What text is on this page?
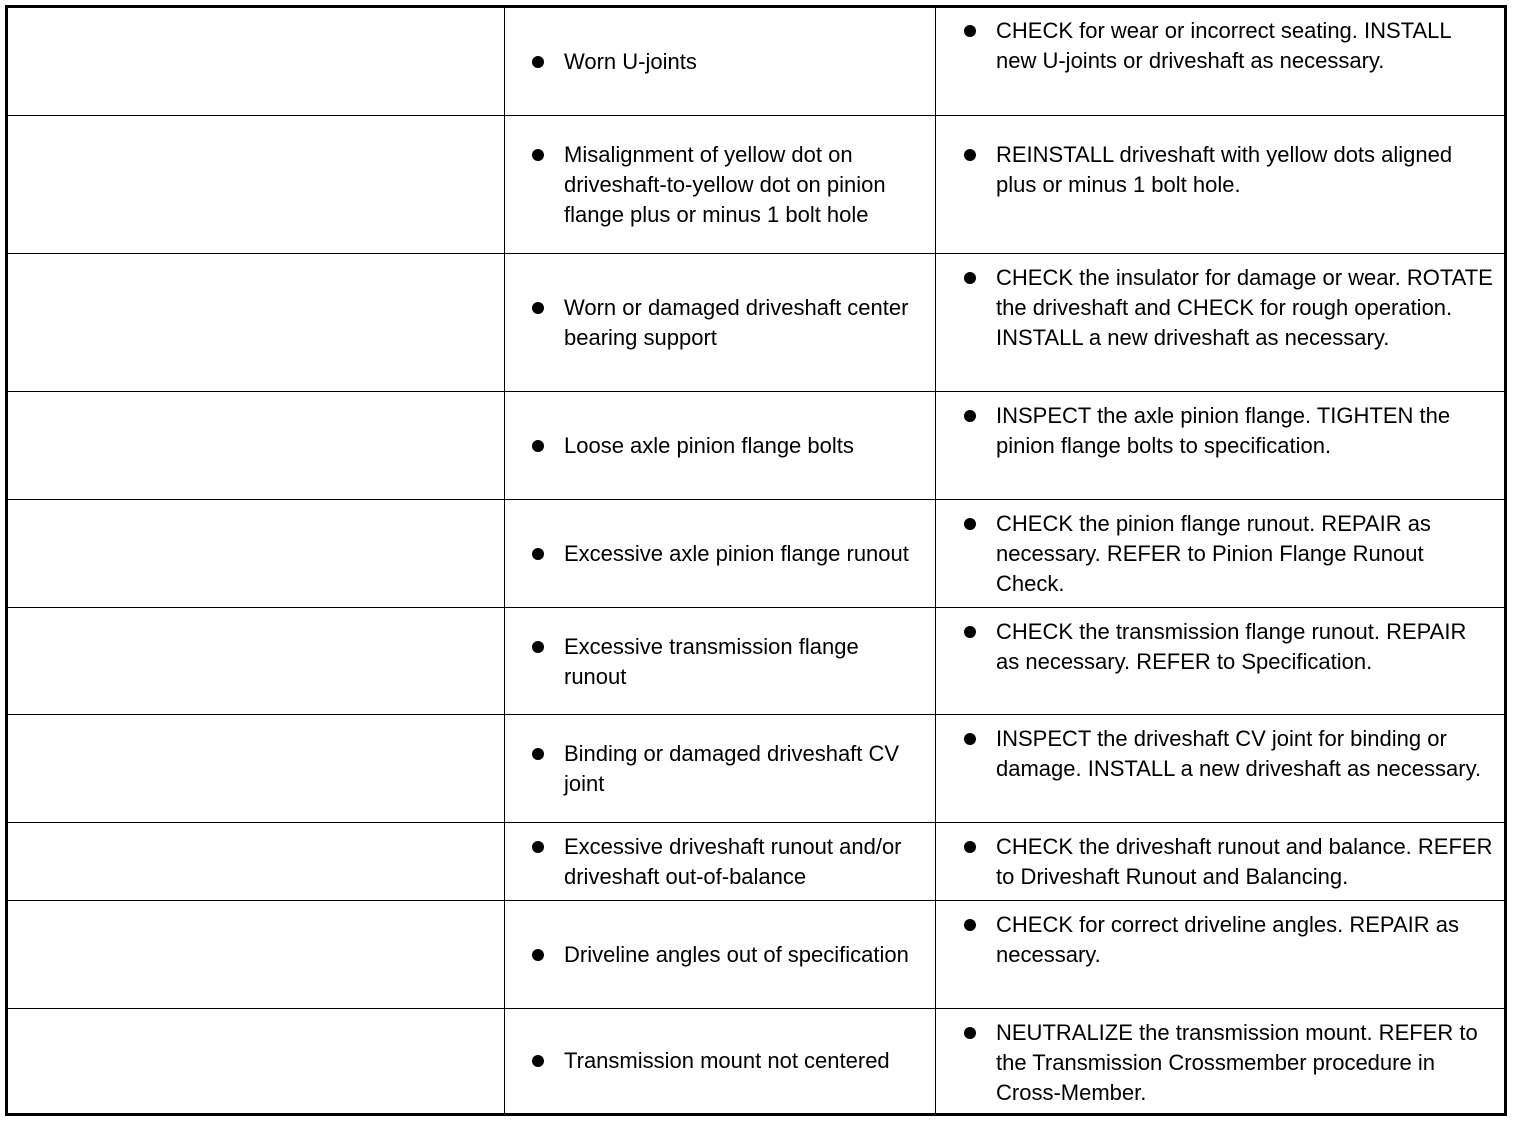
Worn U-joints
CHECK for wear or incorrect seating. INSTALL new U-joints or driveshaft as necessary.
Misalignment of yellow dot on driveshaft-to-yellow dot on pinion flange plus or minus 1 bolt hole
REINSTALL driveshaft with yellow dots aligned plus or minus 1 bolt hole.
Worn or damaged driveshaft center bearing support
CHECK the insulator for damage or wear. ROTATE the driveshaft and CHECK for rough operation. INSTALL a new driveshaft as necessary.
Loose axle pinion flange bolts
INSPECT the axle pinion flange. TIGHTEN the pinion flange bolts to specification.
Excessive axle pinion flange runout
CHECK the pinion flange runout. REPAIR as necessary. REFER to Pinion Flange Runout Check.
Excessive transmission flange runout
CHECK the transmission flange runout. REPAIR as necessary. REFER to Specification.
Binding or damaged driveshaft CV joint
INSPECT the driveshaft CV joint for binding or damage. INSTALL a new driveshaft as necessary.
Excessive driveshaft runout and/or driveshaft out-of-balance
CHECK the driveshaft runout and balance. REFER to Driveshaft Runout and Balancing.
Driveline angles out of specification
CHECK for correct driveline angles. REPAIR as necessary.
Transmission mount not centered
NEUTRALIZE the transmission mount. REFER to the Transmission Crossmember procedure in Cross-Member.
